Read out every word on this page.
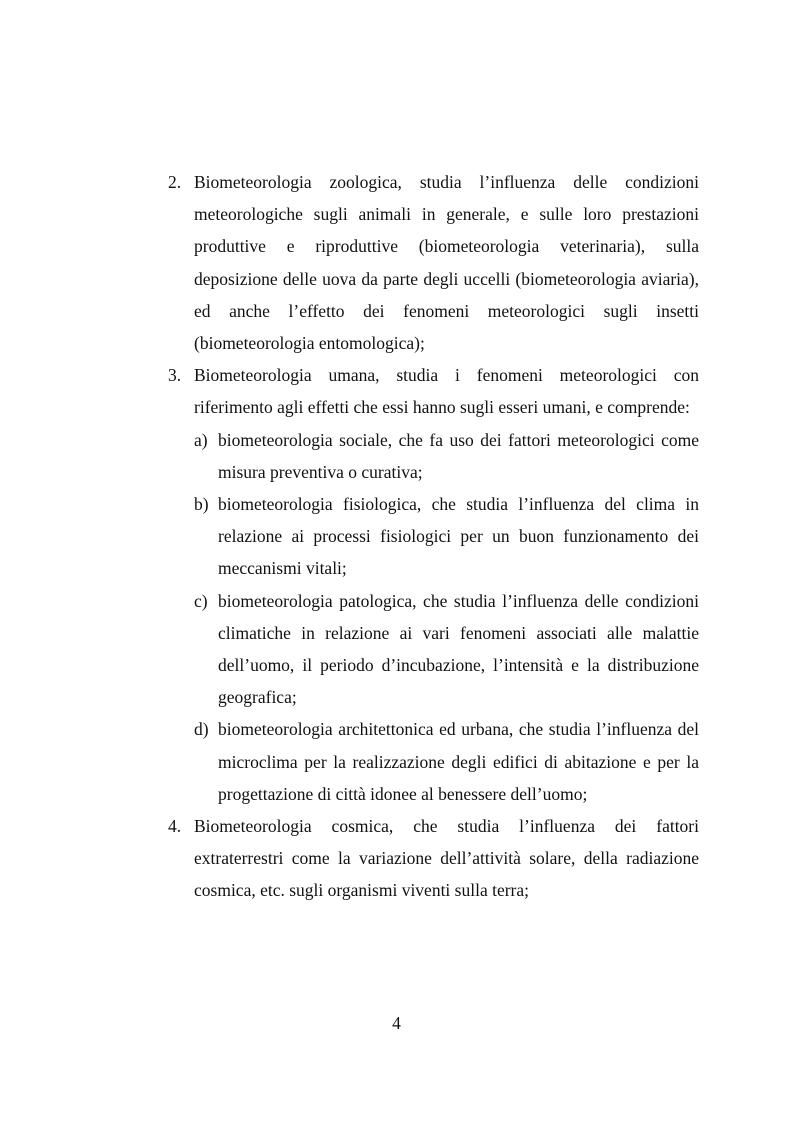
2. Biometeorologia zoologica, studia l’influenza delle condizioni meteorologiche sugli animali in generale, e sulle loro prestazioni produttive e riproduttive (biometeorologia veterinaria), sulla deposizione delle uova da parte degli uccelli (biometeorologia aviaria), ed anche l’effetto dei fenomeni meteorologici sugli insetti (biometeorologia entomologica);
3. Biometeorologia umana, studia i fenomeni meteorologici con riferimento agli effetti che essi hanno sugli esseri umani, e comprende:
a) biometeorologia sociale, che fa uso dei fattori meteorologici come misura preventiva o curativa;
b) biometeorologia fisiologica, che studia l’influenza del clima in relazione ai processi fisiologici per un buon funzionamento dei meccanismi vitali;
c) biometeorologia patologica, che studia l’influenza delle condizioni climatiche in relazione ai vari fenomeni associati alle malattie dell’uomo, il periodo d’incubazione, l’intensità e la distribuzione geografica;
d) biometeorologia architettonica ed urbana, che studia l’influenza del microclima per la realizzazione degli edifici di abitazione e per la progettazione di città idonee al benessere dell’uomo;
4. Biometeorologia cosmica, che studia l’influenza dei fattori extraterrestri come la variazione dell’attività solare, della radiazione cosmica, etc. sugli organismi viventi sulla terra;
4
